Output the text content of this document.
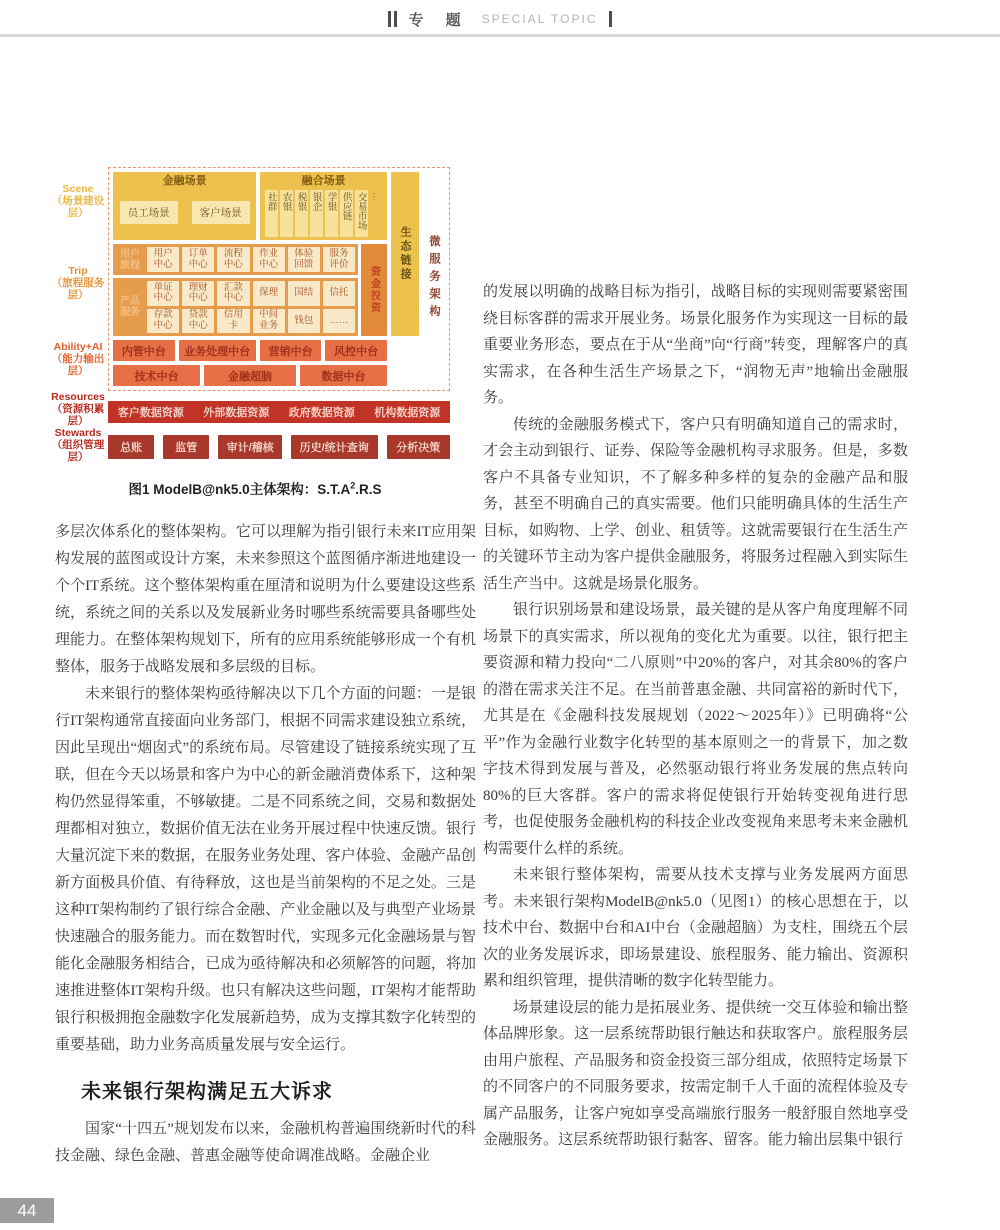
专 题 SPECIAL TOPIC
Scene
（场景建设层）
Trip
（旅程服务层）
Ability+AI
（能力输出层）
Resources
（资源积累层）
Stewards
（组织管理层）
金融场景
员工场景	客户场景
融合场景
社群 农银 税银 银企 学银 供应链 交易市场 …
用户旅程
用户中心
订单中心
流程中心
作业中心
体验回馈
服务评价
产品服务
单证中心
理财中心
汇款中心 保理 国结 信托
存款中心
贷款中心
信用卡
中间业务 钱包 ……
资金投资
内管中台	业务处理中台	营销中台	风控中台
技术中台	金融超脑	数据中台
生态链接	微服务架构
客户数据资源 外部数据资源 政府数据资源 机构数据资源
总账	监管	审计/稽核	历史/统计查询	分析决策
图1 ModelB@nk5.0主体架构：$S.T.A^2.R.S$

多层次体系化的整体架构。它可以理解为指引银行未来IT应用架构发展的蓝图或设计方案，未来参照这个蓝图循序渐进地建设一个个IT系统。这个整体架构重在厘清和说明为什么要建设这些系统，系统之间的关系以及发展新业务时哪些系统需要具备哪些处理能力。在整体架构规划下，所有的应用系统能够形成一个有机整体，服务于战略发展和多层级的目标。

未来银行的整体架构亟待解决以下几个方面的问题：一是银行IT架构通常直接面向业务部门，根据不同需求建设独立系统，因此呈现出“烟囱式”的系统布局。尽管建设了链接系统实现了互联，但在今天以场景和客户为中心的新金融消费体系下，这种架构仍然显得笨重，不够敏捷。二是不同系统之间，交易和数据处理都相对独立，数据价值无法在业务开展过程中快速反馈。银行大量沉淀下来的数据，在服务业务处理、客户体验、金融产品创新方面极具价值、有待释放，这也是当前架构的不足之处。三是这种IT架构制约了银行综合金融、产业金融以及与典型产业场景快速融合的服务能力。而在数智时代，实现多元化金融场景与智能化金融服务相结合，已成为亟待解决和必须解答的问题，将加速推进整体IT架构升级。也只有解决这些问题，IT架构才能帮助银行积极拥抱金融数字化发展新趋势，成为支撑其数字化转型的重要基础，助力业务高质量发展与安全运行。

未来银行架构满足五大诉求

国家“十四五”规划发布以来，金融机构普遍围绕新时代的科技金融、绿色金融、普惠金融等使命调准战略。金融企业

的发展以明确的战略目标为指引，战略目标的实现则需要紧密围绕目标客群的需求开展业务。场景化服务作为实现这一目标的最重要业务形态，要点在于从“坐商”向“行商”转变，理解客户的真实需求，在各种生活生产场景之下，“润物无声”地输出金融服务。

传统的金融服务模式下，客户只有明确知道自己的需求时，才会主动到银行、证券、保险等金融机构寻求服务。但是，多数客户不具备专业知识，不了解多种多样的复杂的金融产品和服务，甚至不明确自己的真实需要。他们只能明确具体的生活生产目标，如购物、上学、创业、租赁等。这就需要银行在生活生产的关键环节主动为客户提供金融服务，将服务过程融入到实际生活生产当中。这就是场景化服务。

银行识别场景和建设场景，最关键的是从客户角度理解不同场景下的真实需求，所以视角的变化尤为重要。以往，银行把主要资源和精力投向“二八原则”中20%的客户，对其余80%的客户的潜在需求关注不足。在当前普惠金融、共同富裕的新时代下，尤其是在《金融科技发展规划（2022～2025年）》已明确将“公平”作为金融行业数字化转型的基本原则之一的背景下，加之数字技术得到发展与普及，必然驱动银行将业务发展的焦点转向80%的巨大客群。客户的需求将促使银行开始转变视角进行思考，也促使服务金融机构的科技企业改变视角来思考未来金融机构需要什么样的系统。

未来银行整体架构，需要从技术支撑与业务发展两方面思考。未来银行架构ModelB@nk5.0（见图1）的核心思想在于，以技术中台、数据中台和AI中台（金融超脑）为支柱，围绕五个层次的业务发展诉求，即场景建设、旅程服务、能力输出、资源积累和组织管理，提供清晰的数字化转型能力。

场景建设层的能力是拓展业务、提供统一交互体验和输出整体品牌形象。这一层系统帮助银行触达和获取客户。旅程服务层由用户旅程、产品服务和资金投资三部分组成，依照特定场景下的不同客户的不同服务要求，按需定制千人千面的流程体验及专属产品服务，让客户宛如享受高端旅行服务一般舒服自然地享受金融服务。这层系统帮助银行黏客、留客。能力输出层集中银行

44
